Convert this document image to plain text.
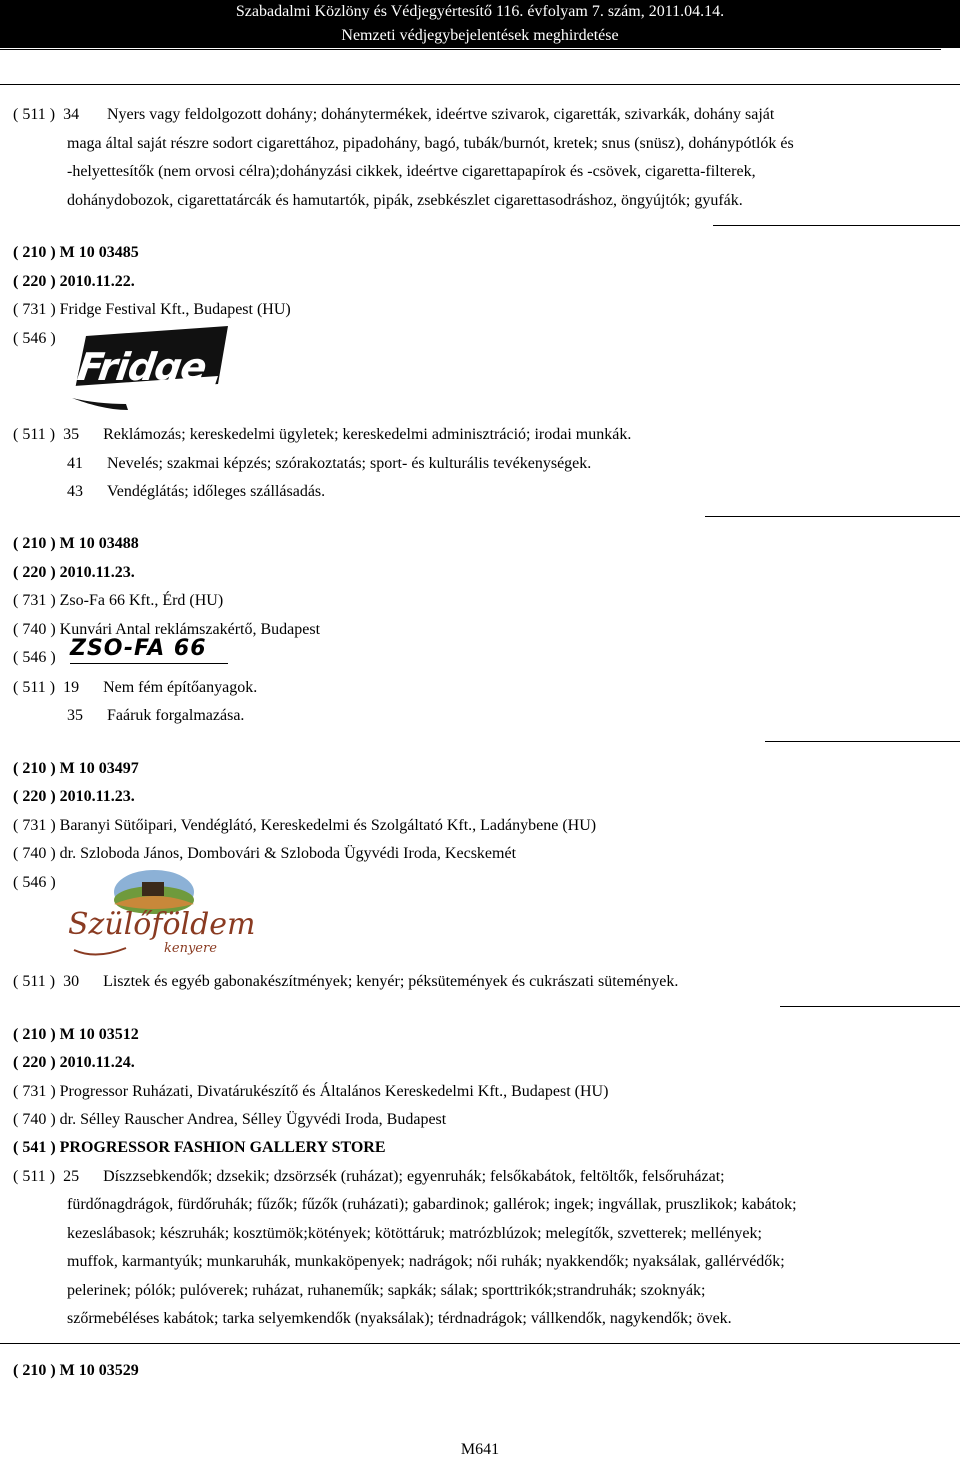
Szabadalmi Közlöny és Védjegyértesítő 116. évfolyam 7. szám, 2011.04.14.
Nemzeti védjegybejelentések meghirdetése
( 511 ) 34 Nyers vagy feldolgozott dohány; dohánytermékek, ideértve szivarok, cigaretták, szivarkák, dohány saját
maga által saját részre sodort cigarettához, pipadohány, bagó, tubák/burnót, kretek; snus (snüsz), dohánypótlók és
-helyettesítők (nem orvosi célra);dohányzási cikkek, ideértve cigarettapapírok és -csövek, cigaretta-filterek,
dohánydobozok, cigarettatárcák és hamutartók, pipák, zsebkészlet cigarettasodráshoz, öngyújtók; gyufák.
( 210 ) M 10 03485
( 220 ) 2010.11.22.
( 731 ) Fridge Festival Kft., Budapest (HU)
( 546 )
Fridge
( 511 ) 35 Reklámozás; kereskedelmi ügyletek; kereskedelmi adminisztráció; irodai munkák.
41 Nevelés; szakmai képzés; szórakoztatás; sport- és kulturális tevékenységek.
43 Vendéglátás; időleges szállásadás.
( 210 ) M 10 03488
( 220 ) 2010.11.23.
( 731 ) Zso-Fa 66 Kft., Érd (HU)
( 740 ) Kunvári Antal reklámszakértő, Budapest
( 546 ) ZSO-FA 66
( 511 ) 19 Nem fém építőanyagok.
35 Faáruk forgalmazása.
( 210 ) M 10 03497
( 220 ) 2010.11.23.
( 731 ) Baranyi Sütőipari, Vendéglátó, Kereskedelmi és Szolgáltató Kft., Ladánybene (HU)
( 740 ) dr. Szloboda János, Dombovári & Szloboda Ügyvédi Iroda, Kecskemét
( 546 )
Szülőföldem
kenyere
( 511 ) 30 Lisztek és egyéb gabonakészítmények; kenyér; péksütemények és cukrászati sütemények.
( 210 ) M 10 03512
( 220 ) 2010.11.24.
( 731 ) Progressor Ruházati, Divatárukészítő és Általános Kereskedelmi Kft., Budapest (HU)
( 740 ) dr. Sélley Rauscher Andrea, Sélley Ügyvédi Iroda, Budapest
( 541 ) PROGRESSOR FASHION GALLERY STORE
( 511 ) 25 Díszzsebkendők; dzsekik; dzsörzsék (ruházat); egyenruhák; felsőkabátok, feltöltők, felsőruházat;
fürdőnagdrágok, fürdőruhák; fűzők; fűzők (ruházati); gabardinok; gallérok; ingek; ingvállak, pruszlikok; kabátok;
kezeslábasok; készruhák; kosztümök;kötények; kötöttáruk; matrózblúzok; melegítők, szvetterek; mellények;
muffok, karmantyúk; munkaruhák, munkaköpenyek; nadrágok; női ruhák; nyakkendők; nyaksálak, gallérvédők;
pelerinek; pólók; pulóverek; ruházat, ruhaneműk; sapkák; sálak; sporttrikók;strandruhák; szoknyák;
szőrmebéléses kabátok; tarka selyemkendők (nyaksálak); térdnadrágok; vállkendők, nagykendők; övek.
( 210 ) M 10 03529
M641
